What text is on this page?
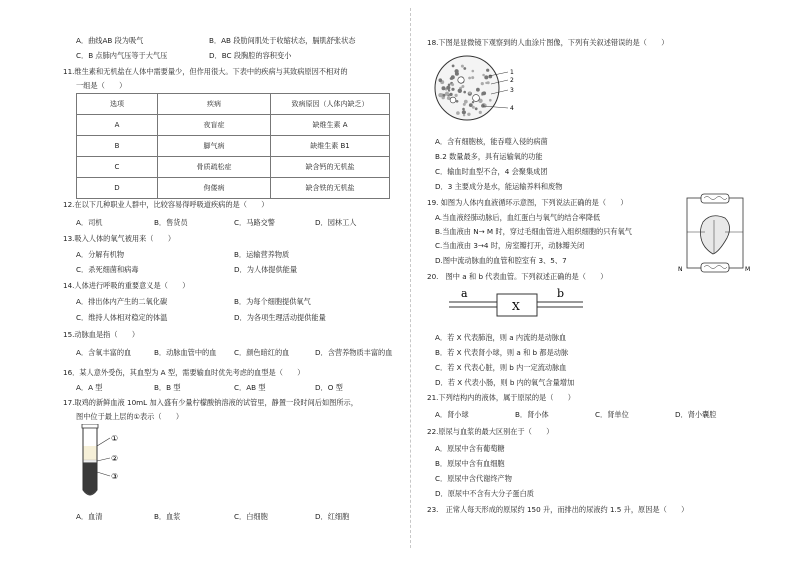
A．曲线AB 段为吸气	B．AB 段肋间肌处于收缩状态，膈肌舒张状态
C．B 点肺内气压等于大气压	D．BC 段胸腔的容积变小
11.维生素和无机盐在人体中需要量少，但作用很大。下表中的疾病与其致病原因不相对的
一组是（　　）
选项	疾病	致病原因（人体内缺乏）
A	夜盲症	缺维生素 A
B	脚气病	缺维生素 B1
C	骨质疏松症	缺含钙的无机盐
D	佝偻病	缺含铁的无机盐
12.在以下几种职业人群中，比较容易得呼吸道疾病的是（　　）
A．司机	B．售货员	C．马路交警	D．园林工人
13.吸入人体的氧气被用来（　　）
A．分解有机物	B．运输营养物质
C．杀死细菌和病毒	D．为人体提供能量
14.人体进行呼吸的重要意义是（　　）
A．排出体内产生的二氧化碳	B．为每个细胞提供氧气
C．维持人体相对稳定的体温	D．为各项生理活动提供能量
15.动脉血是指（　　）
A．含氧丰富的血	B．动脉血管中的血 C．颜色暗红的血	D．含营养物质丰富的血
16．某人意外受伤，其血型为 A 型，需要输血时优先考虑的血型是（　　）
A．A 型	B．B 型	C．AB 型	D．O 型
17.取鸡的新鲜血液 10mL 加入盛有少量柠檬酸钠溶液的试管里，静置一段时间后如图所示，
图中位于最上层的①表示（　　）
①
②
③
A．血清	B．血浆	C．白细胞	D．红细胞
18.下图是显微镜下观察到的人血涂片图像，下列有关叙述错误的是（　　）
1
2
3
4
A．含有细胞核，能吞噬入侵的病菌
B.2 数量最多，具有运输氧的功能
C．输血时血型不合，4 会聚集成团
D．3 主要成分是水，能运输养料和废物
19. 如图为人体内血液循环示意图，下列说法正确的是（　　）
A.当血液经肺动脉后，血红蛋白与氧气的结合率降低
B.当血液由 N→ M 时，穿过毛细血管进入组织细胞的只有氧气
C.当血液由 3→4 时，房室瓣打开，动脉瓣关闭
D.图中流动脉血的血管和腔室有 3、5、7
N	M
20.　图中 a 和 b 代表血管。下列叙述正确的是（　　）
a
X
b
A．若 X 代表肺泡，则 a 内流的是动脉血
B．若 X 代表肾小球，则 a 和 b 都是动脉
C．若 X 代表心脏，则 b 内一定流动脉血
D．若 X 代表小肠，则 b 内的氧气含量增加
21.下列结构内的液体，属于原尿的是（　　）
A．肾小球	B．肾小体	C．肾单位	D．肾小囊腔
22.原尿与血浆的最大区别在于（　　）
A．原尿中含有葡萄糖
B．原尿中含有血细胞
C．原尿中含代谢终产物
D．原尿中不含有大分子蛋白质
23.　正常人每天形成的原尿约 150 升，而排出的尿液约 1.5 升，原因是（　　）
